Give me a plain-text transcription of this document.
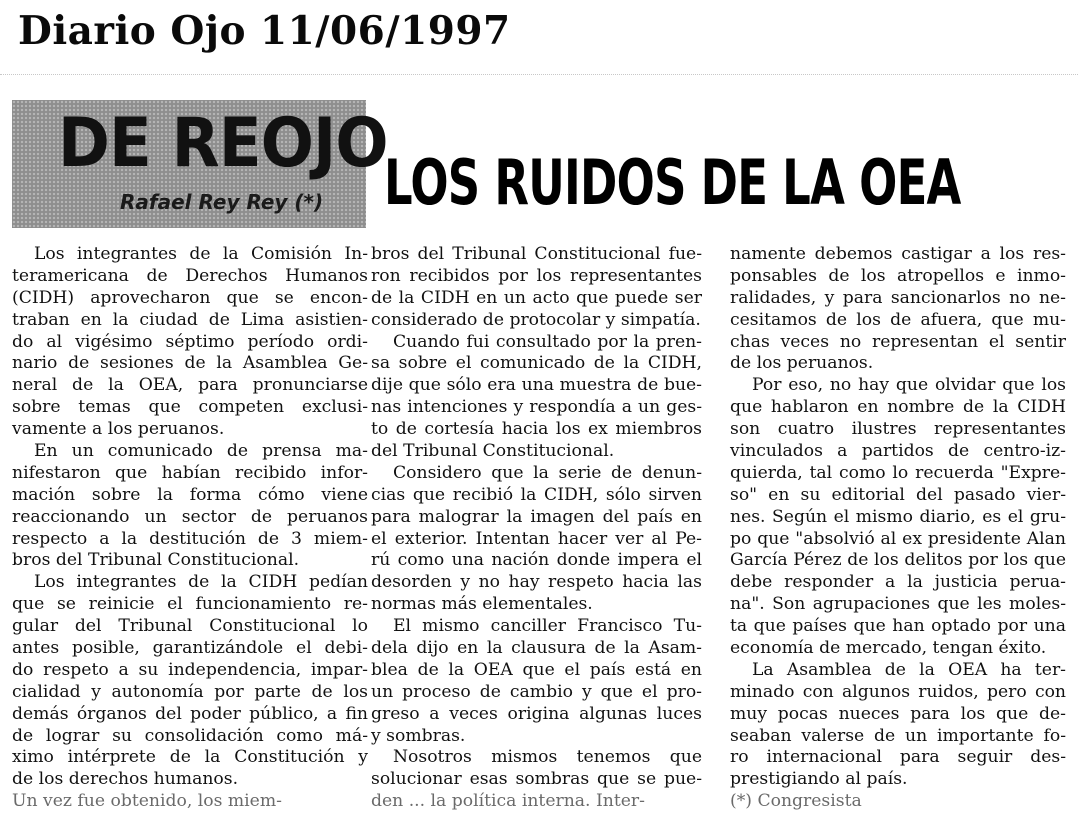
Diario Ojo 11/06/1997
DE REOJO
Rafael Rey Rey (*) LOS RUIDOS DE LA OEA
Los integrantes de la Comisión In-
teramericana de Derechos Humanos
(CIDH) aprovecharon que se encon-
traban en la ciudad de Lima asistien-
do al vigésimo séptimo período ordi-
nario de sesiones de la Asamblea Ge-
neral de la OEA, para pronunciarse
sobre temas que competen exclusi-
vamente a los peruanos.
En un comunicado de prensa ma-
nifestaron que habían recibido infor-
mación sobre la forma cómo viene
reaccionando un sector de peruanos
respecto a la destitución de 3 miem-
bros del Tribunal Constitucional.
Los integrantes de la CIDH pedían
que se reinicie el funcionamiento re-
gular del Tribunal Constitucional lo
antes posible, garantizándole el debi-
do respeto a su independencia, impar-
cialidad y autonomía por parte de los
demás órganos del poder público, a fin
de lograr su consolidación como má-
ximo intérprete de la Constitución y
de los derechos humanos.
Un vez fue obtenido, los miem-
bros del Tribunal Constitucional fue-
ron recibidos por los representantes
de la CIDH en un acto que puede ser
considerado de protocolar y simpatía.
Cuando fui consultado por la pren-
sa sobre el comunicado de la CIDH,
dije que sólo era una muestra de bue-
nas intenciones y respondía a un ges-
to de cortesía hacia los ex miembros
del Tribunal Constitucional.
Considero que la serie de denun-
cias que recibió la CIDH, sólo sirven
para malograr la imagen del país en
el exterior. Intentan hacer ver al Pe-
rú como una nación donde impera el
desorden y no hay respeto hacia las
normas más elementales.
El mismo canciller Francisco Tu-
dela dijo en la clausura de la Asam-
blea de la OEA que el país está en
un proceso de cambio y que el pro-
greso a veces origina algunas luces
y sombras.
Nosotros mismos tenemos que
solucionar esas sombras que se pue-
den ... la política interna. Inter-
namente debemos castigar a los res-
ponsables de los atropellos e inmo-
ralidades, y para sancionarlos no ne-
cesitamos de los de afuera, que mu-
chas veces no representan el sentir
de los peruanos.
Por eso, no hay que olvidar que los
que hablaron en nombre de la CIDH
son cuatro ilustres representantes
vinculados a partidos de centro-iz-
quierda, tal como lo recuerda "Expre-
so" en su editorial del pasado vier-
nes. Según el mismo diario, es el gru-
po que "absolvió al ex presidente Alan
García Pérez de los delitos por los que
debe responder a la justicia perua-
na". Son agrupaciones que les moles-
ta que países que han optado por una
economía de mercado, tengan éxito.
La Asamblea de la OEA ha ter-
minado con algunos ruidos, pero con
muy pocas nueces para los que de-
seaban valerse de un importante fo-
ro internacional para seguir des-
prestigiando al país.
(*) Congresista
